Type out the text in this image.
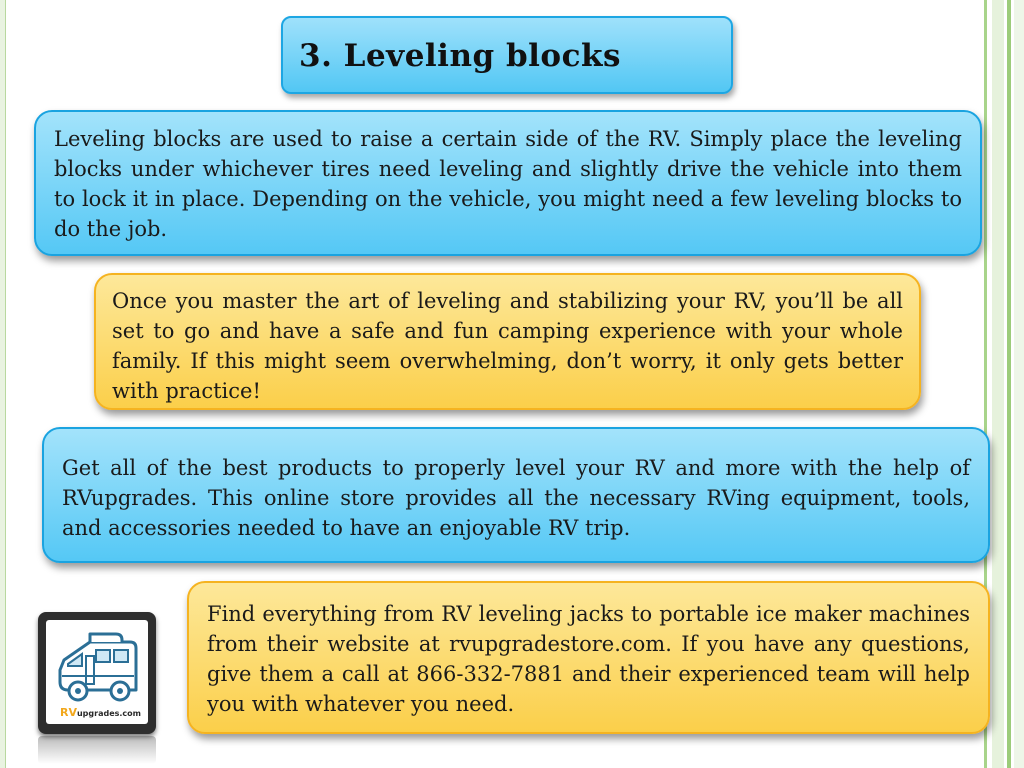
3. Leveling blocks

Leveling blocks are used to raise a certain side of the RV. Simply place the leveling blocks under whichever tires need leveling and slightly drive the vehicle into them to lock it in place. Depending on the vehicle, you might need a few leveling blocks to do the job.

Once you master the art of leveling and stabilizing your RV, you’ll be all set to go and have a safe and fun camping experience with your whole family. If this might seem overwhelming, don’t worry, it only gets better with practice!

Get all of the best products to properly level your RV and more with the help of RVupgrades. This online store provides all the necessary RVing equipment, tools, and accessories needed to have an enjoyable RV trip.

Find everything from RV leveling jacks to portable ice maker machines from their website at rvupgradestore.com. If you have any questions, give them a call at 866-332-7881 and their experienced team will help you with whatever you need.

RVupgrades.com
